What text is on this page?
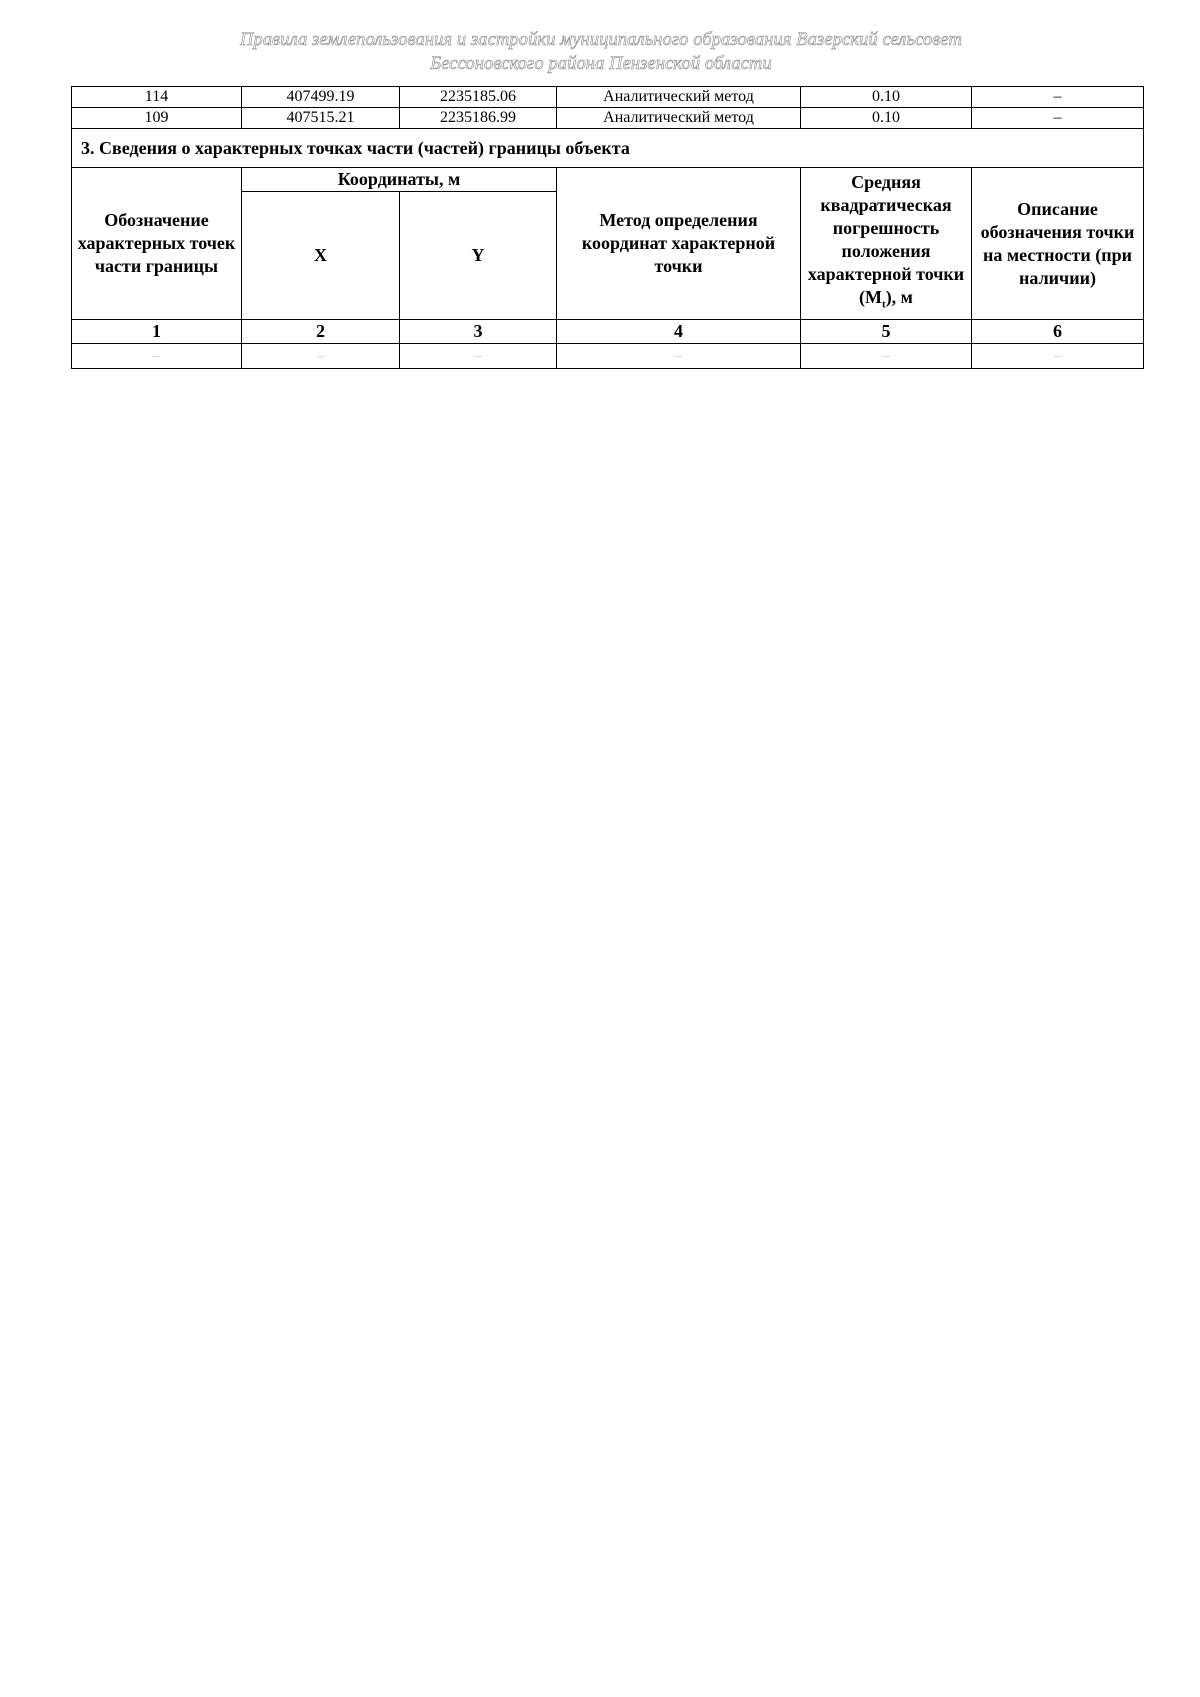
Правила землепользования и застройки муниципального образования Вазерский сельсовет
Бессоновского района Пензенской области
114	407499.19	2235185.06	Аналитический метод	0.10	–
109	407515.21	2235186.99	Аналитический метод	0.10	–
3. Сведения о характерных точках части (частей) границы объекта					
Обозначение характерных точек части границы	Координаты, м		Метод определения координат характерной точки	Средняя квадратическая погрешность положения характерной точки $(M_t)$, м	Описание обозначения точки на местности (при наличии)
	X	Y			
1	2	3	4	5	6
–	–	–	–	–	–
